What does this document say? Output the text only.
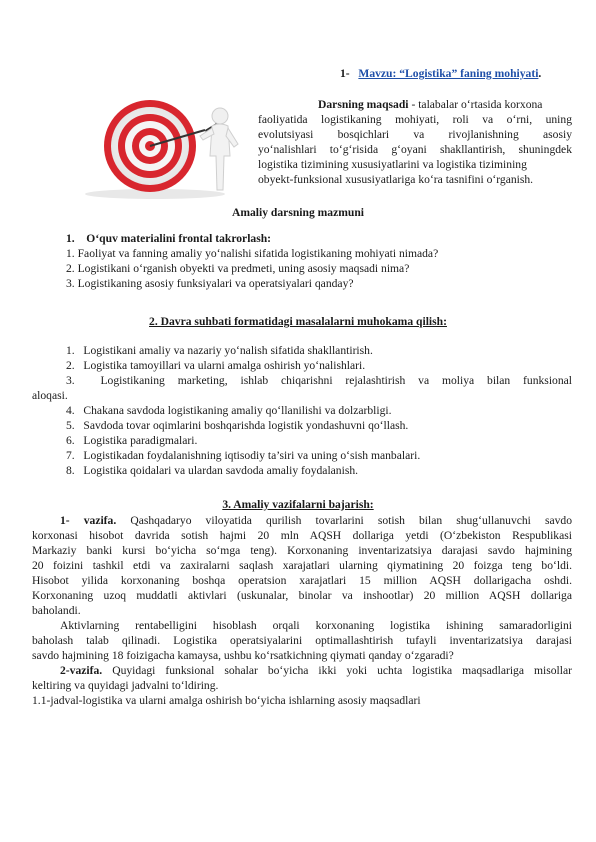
1- Mavzu: “Logistika” faning mohiyati.
Darsning maqsadi - talabalar o‘rtasida korxona
faoliyatida logistikaning mohiyati, roli va o‘rni, uning
evolutsiyasi bosqichlari va rivojlanishning asosiy
yo‘nalishlari to‘g‘risida g‘oyani shakllantirish, shuningdek
logistika tizimining xususiyatlarini va logistika tizimining
obyekt-funksional xususiyatlariga ko‘ra tasnifini o‘rganish.
Amaliy darsning mazmuni
1. O‘quv materialini frontal takrorlash:
1. Faoliyat va fanning amaliy yo‘nalishi sifatida logistikaning mohiyati nimada?
2. Logistikani o‘rganish obyekti va predmeti, uning asosiy maqsadi nima?
3. Logistikaning asosiy funksiyalari va operatsiyalari qanday?
2. Davra suhbati formatidagi masalalarni muhokama qilish:
1. Logistikani amaliy va nazariy yo‘nalish sifatida shakllantirish.
2. Logistika tamoyillari va ularni amalga oshirish yo‘nalishlari.
3. Logistikaning marketing, ishlab chiqarishni rejalashtirish va moliya bilan funksional
aloqasi.
4. Chakana savdoda logistikaning amaliy qo‘llanilishi va dolzarbligi.
5. Savdoda tovar oqimlarini boshqarishda logistik yondashuvni qo‘llash.
6. Logistika paradigmalari.
7. Logistikadan foydalanishning iqtisodiy ta’siri va uning o‘sish manbalari.
8. Logistika qoidalari va ulardan savdoda amaliy foydalanish.
3. Amaliy vazifalarni bajarish:
1- vazifa. Qashqadaryo viloyatida qurilish tovarlarini sotish bilan shug‘ullanuvchi savdo
korxonasi hisobot davrida sotish hajmi 20 mln AQSH dollariga yetdi (O‘zbekiston Respublikasi
Markaziy banki kursi bo‘yicha so‘mga teng). Korxonaning inventarizatsiya darajasi savdo hajmining
20 foizini tashkil etdi va zaxiralarni saqlash xarajatlari ularning qiymatining 20 foizga teng bo‘ldi.
Hisobot yilida korxonaning boshqa operatsion xarajatlari 15 million AQSH dollarigacha oshdi.
Korxonaning uzoq muddatli aktivlari (uskunalar, binolar va inshootlar) 20 million AQSH dollariga
baholandi.
Aktivlarning rentabelligini hisoblash orqali korxonaning logistika ishining samaradorligini
baholash talab qilinadi. Logistika operatsiyalarini optimallashtirish tufayli inventarizatsiya darajasi
savdo hajmining 18 foizigacha kamaysa, ushbu ko‘rsatkichning qiymati qanday o‘zgaradi?
2-vazifa. Quyidagi funksional sohalar bo‘yicha ikki yoki uchta logistika maqsadlariga misollar
keltiring va quyidagi jadvalni to‘ldiring.
1.1-jadval-logistika va ularni amalga oshirish bo‘yicha ishlarning asosiy maqsadlari
